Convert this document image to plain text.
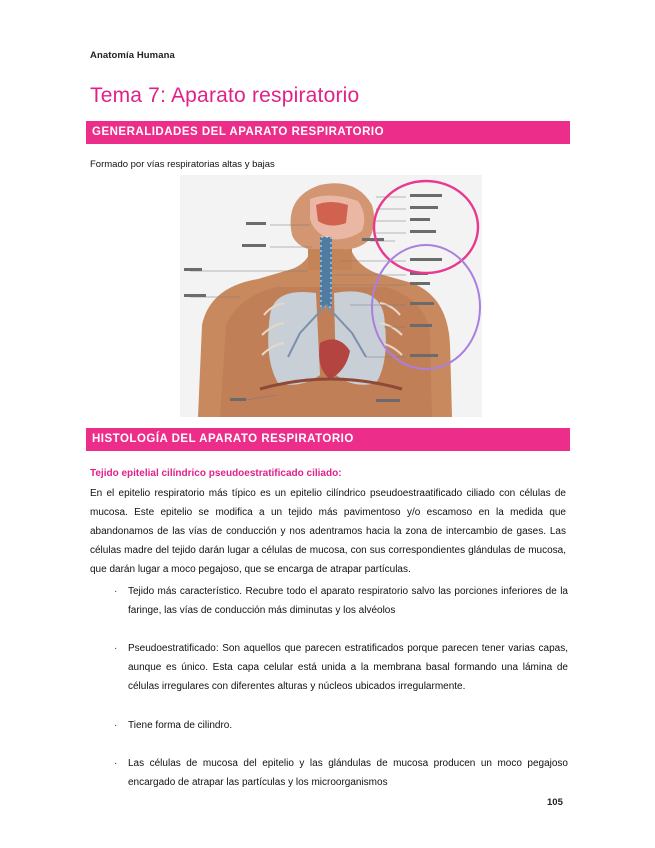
Anatomía Humana
Tema 7: Aparato respiratorio
GENERALIDADES DEL APARATO RESPIRATORIO
Formado por vías respiratorias altas y bajas
HISTOLOGÍA DEL APARATO RESPIRATORIO
Tejido epitelial cilíndrico pseudoestratificado ciliado:
En el epitelio respiratorio más típico es un epitelio cilíndrico pseudoestraatificado ciliado con células de mucosa. Este epitelio se modifica a un tejido más pavimentoso y/o escamoso en la medida que abandonamos de las vías de conducción y nos adentramos hacia la zona de intercambio de gases. Las células madre del tejido darán lugar a células de mucosa, con sus correspondientes glándulas de mucosa, que darán lugar a moco pegajoso, que se encarga de atrapar partículas.
· Tejido más característico. Recubre todo el aparato respiratorio salvo las porciones inferiores de la faringe, las vías de conducción más diminutas y los alvéolos
· Pseudoestratificado: Son aquellos que parecen estratificados porque parecen tener varias capas, aunque es único. Esta capa celular está unida a la membrana basal formando una lámina de células irregulares con diferentes alturas y núcleos ubicados irregularmente.
· Tiene forma de cilindro.
· Las células de mucosa del epitelio y las glándulas de mucosa producen un moco pegajoso encargado de atrapar las partículas y los microorganismos
105
